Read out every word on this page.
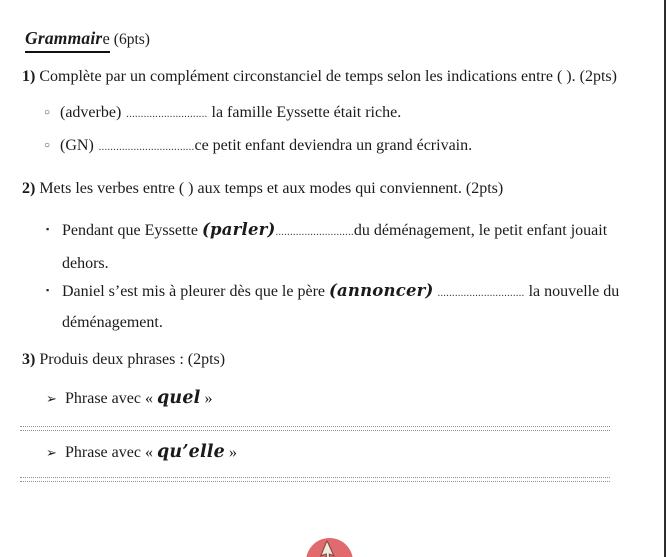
Grammaire (6pts)
1) Complète par un complément circonstanciel de temps selon les indications entre ( ). (2pts)
○ (adverbe) ............................ la famille Eyssette était riche.
○ (GN) .................................ce petit enfant deviendra un grand écrivain.
2) Mets les verbes entre ( ) aux temps et aux modes qui conviennent. (2pts)
▪ Pendant que Eyssette (parler)...........................du déménagement, le petit enfant jouait
dehors.
▪ Daniel s’est mis à pleurer dès que le père (annoncer) .............................. la nouvelle du
déménagement.
3) Produis deux phrases : (2pts)
➢ Phrase avec « quel »
➢ Phrase avec « qu’elle »
